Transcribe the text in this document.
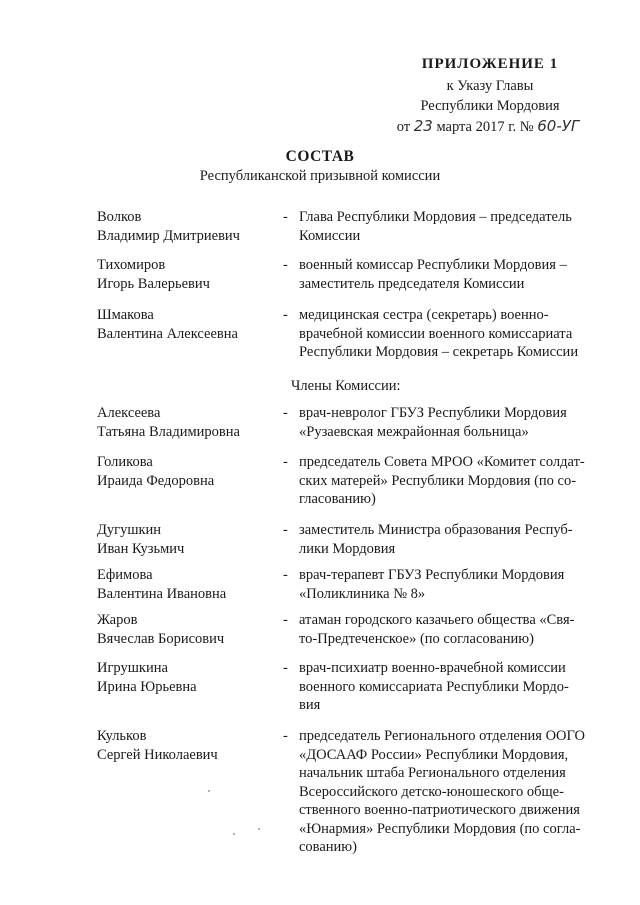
ПРИЛОЖЕНИЕ 1
к Указу Главы
Республики Мордовия
от 23 марта 2017 г. № 60-УГ
СОСТАВ
Республиканской призывной комиссии
Волков
Владимир Дмитриевич
- Глава Республики Мордовия – председатель
Комиссии
Тихомиров
Игорь Валерьевич
- военный комиссар Республики Мордовия –
заместитель председателя Комиссии
Шмакова
Валентина Алексеевна
- медицинская сестра (секретарь) военно-
врачебной комиссии военного комиссариата
Республики Мордовия – секретарь Комиссии
Члены Комиссии:
Алексеева
Татьяна Владимировна
- врач-невролог ГБУЗ Республики Мордовия
«Рузаевская межрайонная больница»
Голикова
Ираида Федоровна
- председатель Совета МРОО «Комитет солдат-
ских матерей» Республики Мордовия (по со-
гласованию)
Дугушкин
Иван Кузьмич
- заместитель Министра образования Респуб-
лики Мордовия
Ефимова
Валентина Ивановна
- врач-терапевт ГБУЗ Республики Мордовия
«Поликлиника № 8»
Жаров
Вячеслав Борисович
- атаман городского казачьего общества «Свя-
то-Предтеченское» (по согласованию)
Игрушкина
Ирина Юрьевна
- врач-психиатр военно-врачебной комиссии
военного комиссариата Республики Мордо-
вия
Кульков
Сергей Николаевич
- председатель Регионального отделения ООГО
«ДОСААФ России» Республики Мордовия,
начальник штаба Регионального отделения
Всероссийского детско-юношеского обще-
ственного военно-патриотического движения
«Юнармия» Республики Мордовия (по согла-
сованию)
